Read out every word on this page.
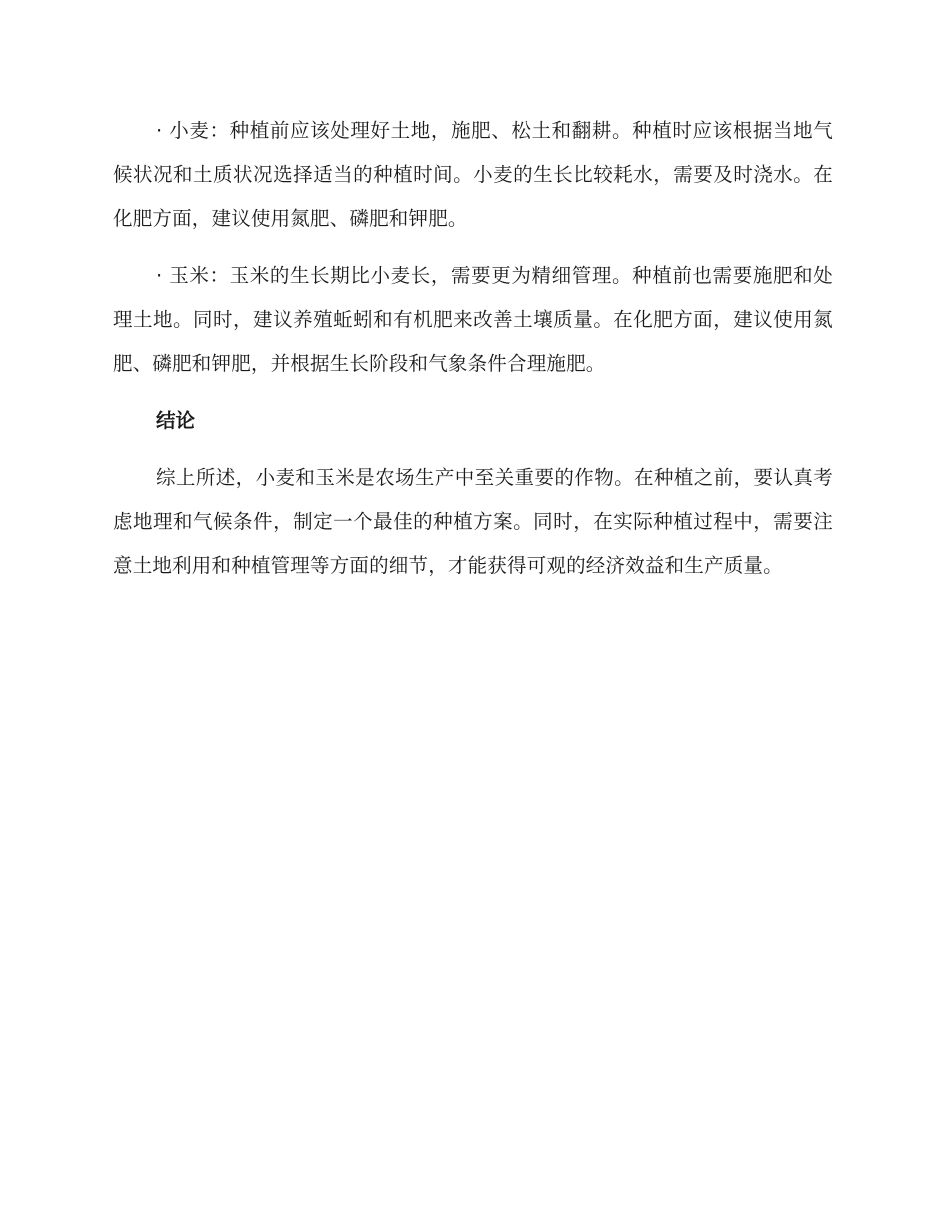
· 小麦：种植前应该处理好土地，施肥、松土和翻耕。种植时应该根据当地气候状况和土质状况选择适当的种植时间。小麦的生长比较耗水，需要及时浇水。在化肥方面，建议使用氮肥、磷肥和钾肥。

· 玉米：玉米的生长期比小麦长，需要更为精细管理。种植前也需要施肥和处理土地。同时，建议养殖蚯蚓和有机肥来改善土壤质量。在化肥方面，建议使用氮肥、磷肥和钾肥，并根据生长阶段和气象条件合理施肥。

结论

综上所述，小麦和玉米是农场生产中至关重要的作物。在种植之前，要认真考虑地理和气候条件，制定一个最佳的种植方案。同时，在实际种植过程中，需要注意土地利用和种植管理等方面的细节，才能获得可观的经济效益和生产质量。
